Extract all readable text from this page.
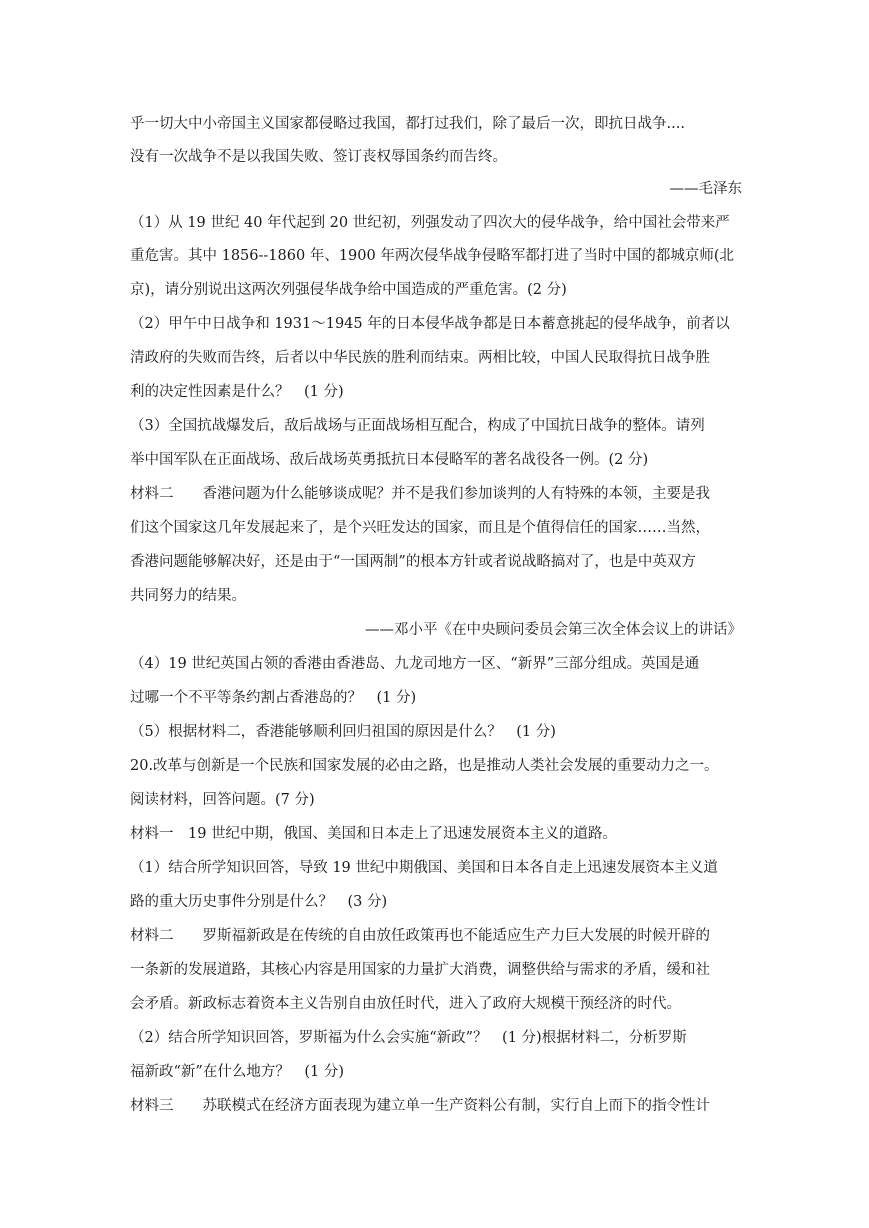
乎一切大中小帝国主义国家都侵略过我国，都打过我们，除了最后一次，即抗日战争....
没有一次战争不是以我国失败、签订丧权辱国条约而告终。
——毛泽东
（1）从 19 世纪 40 年代起到 20 世纪初，列强发动了四次大的侵华战争，给中国社会带来严
重危害。其中 1856--1860 年、1900 年两次侵华战争侵略军都打进了当时中国的都城京师(北
京)，请分别说出这两次列强侵华战争给中国造成的严重危害。(2 分)
（2）甲午中日战争和 1931～1945 年的日本侵华战争都是日本蓄意挑起的侵华战争，前者以
清政府的失败而告终，后者以中华民族的胜利而结束。两相比较，中国人民取得抗日战争胜
利的决定性因素是什么？　(1 分)
（3）全国抗战爆发后，敌后战场与正面战场相互配合，构成了中国抗日战争的整体。请列
举中国军队在正面战场、敌后战场英勇抵抗日本侵略军的著名战役各一例。(2 分)
材料二　　香港问题为什么能够谈成呢？并不是我们参加谈判的人有特殊的本领，主要是我
们这个国家这几年发展起来了，是个兴旺发达的国家，而且是个值得信任的国家……当然，
香港问题能够解决好，还是由于“一国两制”的根本方针或者说战略搞对了，也是中英双方
共同努力的结果。
——邓小平《在中央顾问委员会第三次全体会议上的讲话》
（4）19 世纪英国占领的香港由香港岛、九龙司地方一区、“新界”三部分组成。英国是通
过哪一个不平等条约割占香港岛的？　(1 分)
（5）根据材料二，香港能够顺利回归祖国的原因是什么？　(1 分)
20.改革与创新是一个民族和国家发展的必由之路，也是推动人类社会发展的重要动力之一。
阅读材料，回答问题。(7 分)
材料一　19 世纪中期，俄国、美国和日本走上了迅速发展资本主义的道路。
（1）结合所学知识回答，导致 19 世纪中期俄国、美国和日本各自走上迅速发展资本主义道
路的重大历史事件分别是什么？　(3 分)
材料二　　罗斯福新政是在传统的自由放任政策再也不能适应生产力巨大发展的时候开辟的
一条新的发展道路，其核心内容是用国家的力量扩大消费，调整供给与需求的矛盾，缓和社
会矛盾。新政标志着资本主义告别自由放任时代，进入了政府大规模干预经济的时代。
（2）结合所学知识回答，罗斯福为什么会实施“新政”？　(1 分)根据材料二，分析罗斯
福新政“新”在什么地方？　(1 分)
材料三　　苏联模式在经济方面表现为建立单一生产资料公有制，实行自上而下的指令性计
